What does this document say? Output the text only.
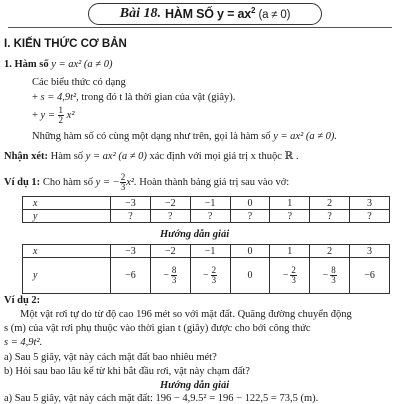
Bài 18. HÀM SỐ $y = ax^2$ (a ≠ 0)
I. KIẾN THỨC CƠ BẢN
1. Hàm số y = ax² (a ≠ 0)
Các biểu thức có dạng
+ s = 4,9t², trong đó t là thời gian của vật (giây).
+ $y = \frac{1}{2} x^2$
Những hàm số có cùng một dạng như trên, gọi là hàm số y = ax² (a ≠ 0).
Nhận xét: Hàm số y = ax² (a ≠ 0) xác định với mọi giá trị x thuộc ℝ .
Ví dụ 1: Cho hàm số y = − $\frac{2}{3} x^2$. Hoàn thành bảng giá trị sau vào vở:
x	−3	−2	−1	0	1	2	3
y	?	?	?	?	?	?	?
Hướng dẫn giải
x	−3	−2	−1	0	1	2	3
y	−6	− $\frac{8}{3}$	− $\frac{2}{3}$	0	− $\frac{2}{3}$	− $\frac{8}{3}$	−6
Ví dụ 2:
Một vật rơi tự do từ độ cao 196 mét so với mặt đất. Quãng đường chuyển động
s (m) của vật rơi phụ thuộc vào thời gian t (giây) được cho bởi công thức
s = 4,9t².
a) Sau 5 giây, vật này cách mặt đất bao nhiêu mét?
b) Hỏi sau bao lâu kể từ khi bắt đầu rơi, vật này chạm đất?
Hướng dẫn giải
a) Sau 5 giây, vật này cách mặt đất: 196 − 4,9.5² = 196 − 122,5 = 73,5 (m).
